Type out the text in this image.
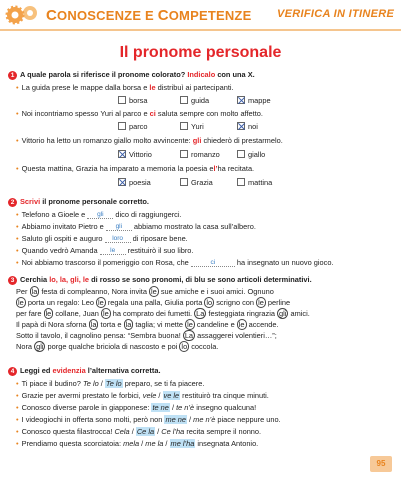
CONOSCENZE E COMPETENZE VERIFICA IN ITINERE
Il pronome personale
1 A quale parola si riferisce il pronome colorato? Indicalo con una X.
• La guida prese le mappe dalla borsa e le distribuì ai partecipanti.
borsa	guida	mappe
• Noi incontriamo spesso Yuri al parco e ci saluta sempre con molto affetto.
parco	Yuri	noi
• Vittorio ha letto un romanzo giallo molto avvincente: gli chiederò di prestarmelo.
Vittorio	romanzo	giallo
• Questa mattina, Grazia ha imparato a memoria la poesia el’ha recitata.
poesia	Grazia	mattina
2 Scrivi il pronome personale corretto.
• Telefono a Gioele e gli dico di raggiungerci.
• Abbiamo invitato Pietro e gli abbiamo mostrato la casa sull’albero.
• Saluto gli ospiti e auguro loro di riposare bene.
• Quando vedrò Amanda le restituirò il suo libro.
• Noi abbiamo trascorso il pomeriggio con Rosa, che	ci	ha insegnato un nuovo gioco.
3 Cerchia lo, la, gli, le di rosso se sono pronomi, di blu se sono articoli determinativi.
Per la festa di compleanno, Nora invita le sue amiche e i suoi amici. Ognuno
le porta un regalo: Leo le regala una palla, Giulia porta lo scrigno con le perline
per fare le collane, Juan le ha comprato dei fumetti. La festeggiata ringrazia gli amici.
Il papà di Nora sforna la torta e la taglia; vi mette le candeline e le accende.
Sotto il tavolo, il cagnolino pensa: “Sembra buona! La assaggerei volentieri…”;
Nora gli porge qualche briciola di nascosto e poi lo coccola.
4 Leggi ed evidenzia l’alternativa corretta.
• Ti piace il budino? Te lo / Te lo preparo, se ti fa piacere.
• Grazie per avermi prestato le forbici, vele / ve le restituirò tra cinque minuti.
• Conosco diverse parole in giapponese: te ne / te n’è insegno qualcuna!
• I videogiochi in offerta sono molti, però non me ne / me n’è piace neppure uno.
• Conosco questa filastrocca! Cela / Ce la / Ce l’ha recita sempre il nonno.
• Prendiamo questa scorciatoia: mela / me la / me l’ha insegnata Antonio.
95
